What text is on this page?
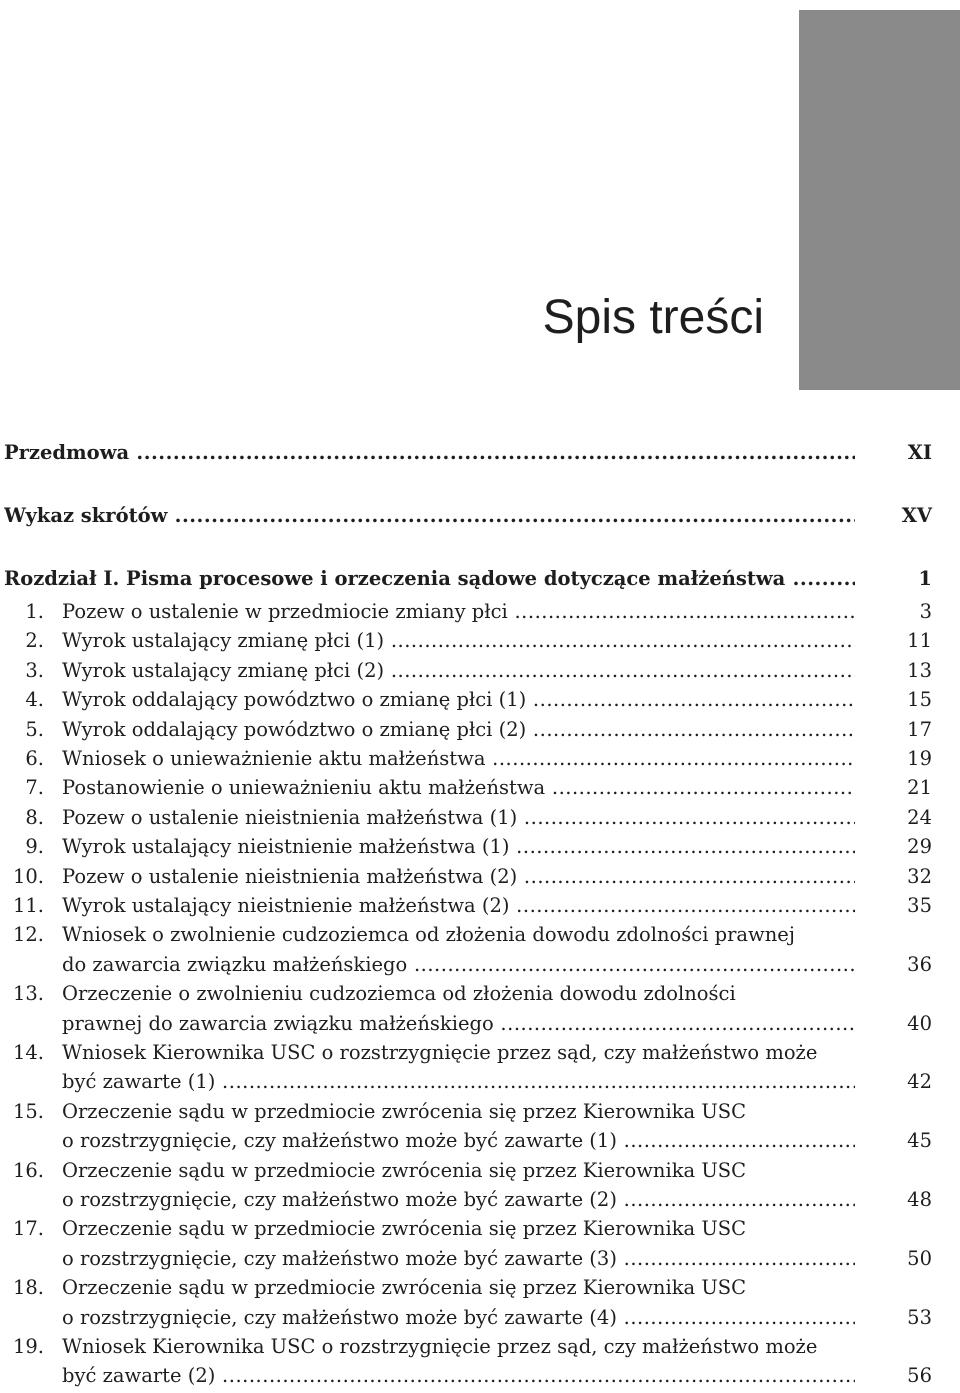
Spis treści
Przedmowa .....	XI
Wykaz skrótów .....	XV
Rozdział I. Pisma procesowe i orzeczenia sądowe dotyczące małżeństwa .....	1
1. Pozew o ustalenie w przedmiocie zmiany płci .....	3
2. Wyrok ustalający zmianę płci (1) .....	11
3. Wyrok ustalający zmianę płci (2) .....	13
4. Wyrok oddalający powództwo o zmianę płci (1) .....	15
5. Wyrok oddalający powództwo o zmianę płci (2) .....	17
6. Wniosek o unieważnienie aktu małżeństwa .....	19
7. Postanowienie o unieważnieniu aktu małżeństwa .....	21
8. Pozew o ustalenie nieistnienia małżeństwa (1) .....	24
9. Wyrok ustalający nieistnienie małżeństwa (1) .....	29
10. Pozew o ustalenie nieistnienia małżeństwa (2) .....	32
11. Wyrok ustalający nieistnienie małżeństwa (2) .....	35
12. Wniosek o zwolnienie cudzoziemca od złożenia dowodu zdolności prawnej
do zawarcia związku małżeńskiego .....	36
13. Orzeczenie o zwolnieniu cudzoziemca od złożenia dowodu zdolności
prawnej do zawarcia związku małżeńskiego .....	40
14. Wniosek Kierownika USC o rozstrzygnięcie przez sąd, czy małżeństwo może
być zawarte (1) .....	42
15. Orzeczenie sądu w przedmiocie zwrócenia się przez Kierownika USC
o rozstrzygnięcie, czy małżeństwo może być zawarte (1) .....	45
16. Orzeczenie sądu w przedmiocie zwrócenia się przez Kierownika USC
o rozstrzygnięcie, czy małżeństwo może być zawarte (2) .....	48
17. Orzeczenie sądu w przedmiocie zwrócenia się przez Kierownika USC
o rozstrzygnięcie, czy małżeństwo może być zawarte (3) .....	50
18. Orzeczenie sądu w przedmiocie zwrócenia się przez Kierownika USC
o rozstrzygnięcie, czy małżeństwo może być zawarte (4) .....	53
19. Wniosek Kierownika USC o rozstrzygnięcie przez sąd, czy małżeństwo może
być zawarte (2) .....	56
